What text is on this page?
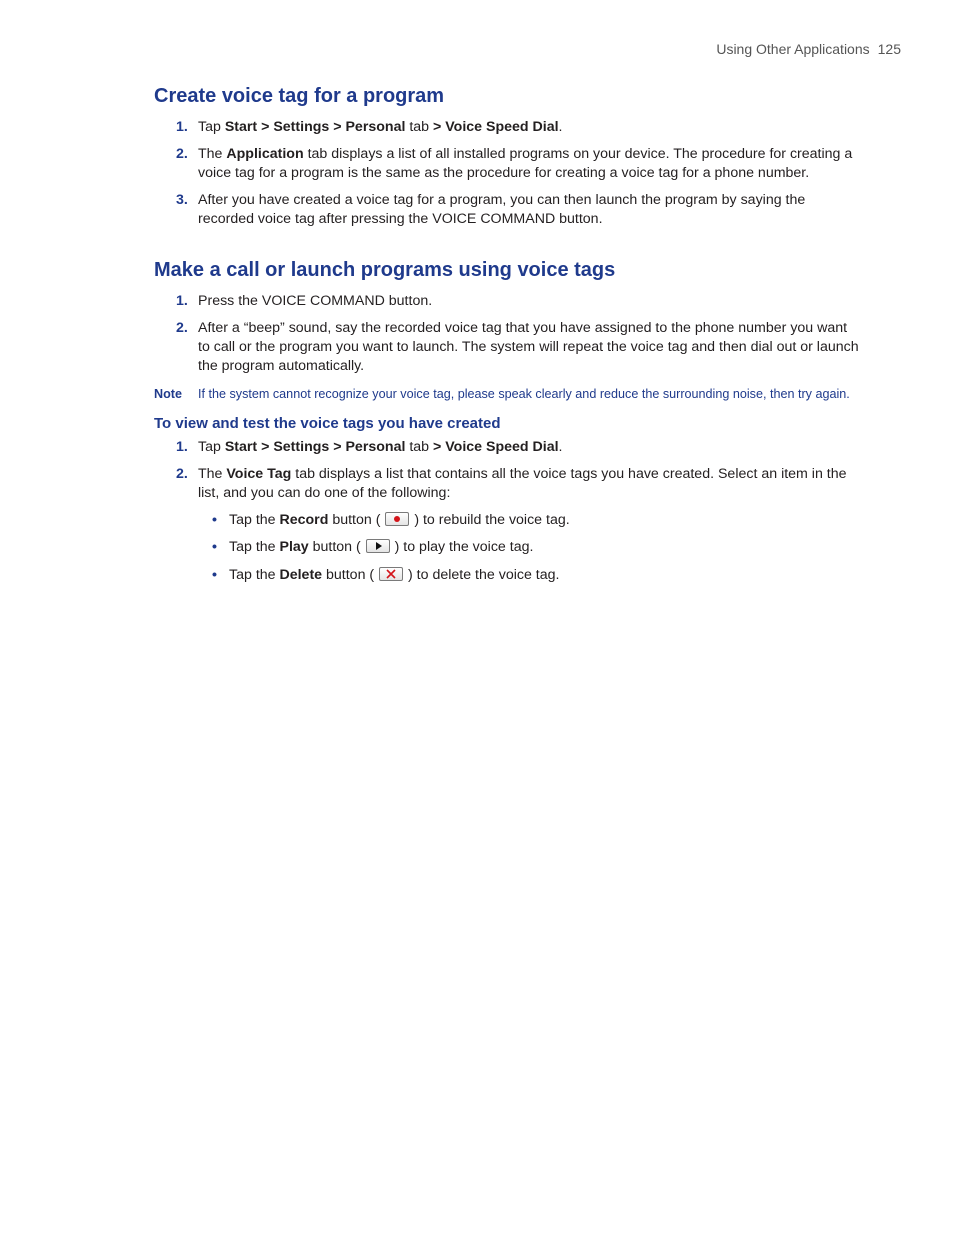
Using Other Applications 125
Create voice tag for a program
1. Tap Start > Settings > Personal tab > Voice Speed Dial.
2. The Application tab displays a list of all installed programs on your device. The procedure for creating a voice tag for a program is the same as the procedure for creating a voice tag for a phone number.
3. After you have created a voice tag for a program, you can then launch the program by saying the recorded voice tag after pressing the VOICE COMMAND button.
Make a call or launch programs using voice tags
1. Press the VOICE COMMAND button.
2. After a “beep” sound, say the recorded voice tag that you have assigned to the phone number you want to call or the program you want to launch. The system will repeat the voice tag and then dial out or launch the program automatically.
Note If the system cannot recognize your voice tag, please speak clearly and reduce the surrounding noise, then try again.
To view and test the voice tags you have created
1. Tap Start > Settings > Personal tab > Voice Speed Dial.
2. The Voice Tag tab displays a list that contains all the voice tags you have created. Select an item in the list, and you can do one of the following:
• Tap the Record button (  ) to rebuild the voice tag.
• Tap the Play button (  ) to play the voice tag.
• Tap the Delete button (
) to delete the voice tag.
